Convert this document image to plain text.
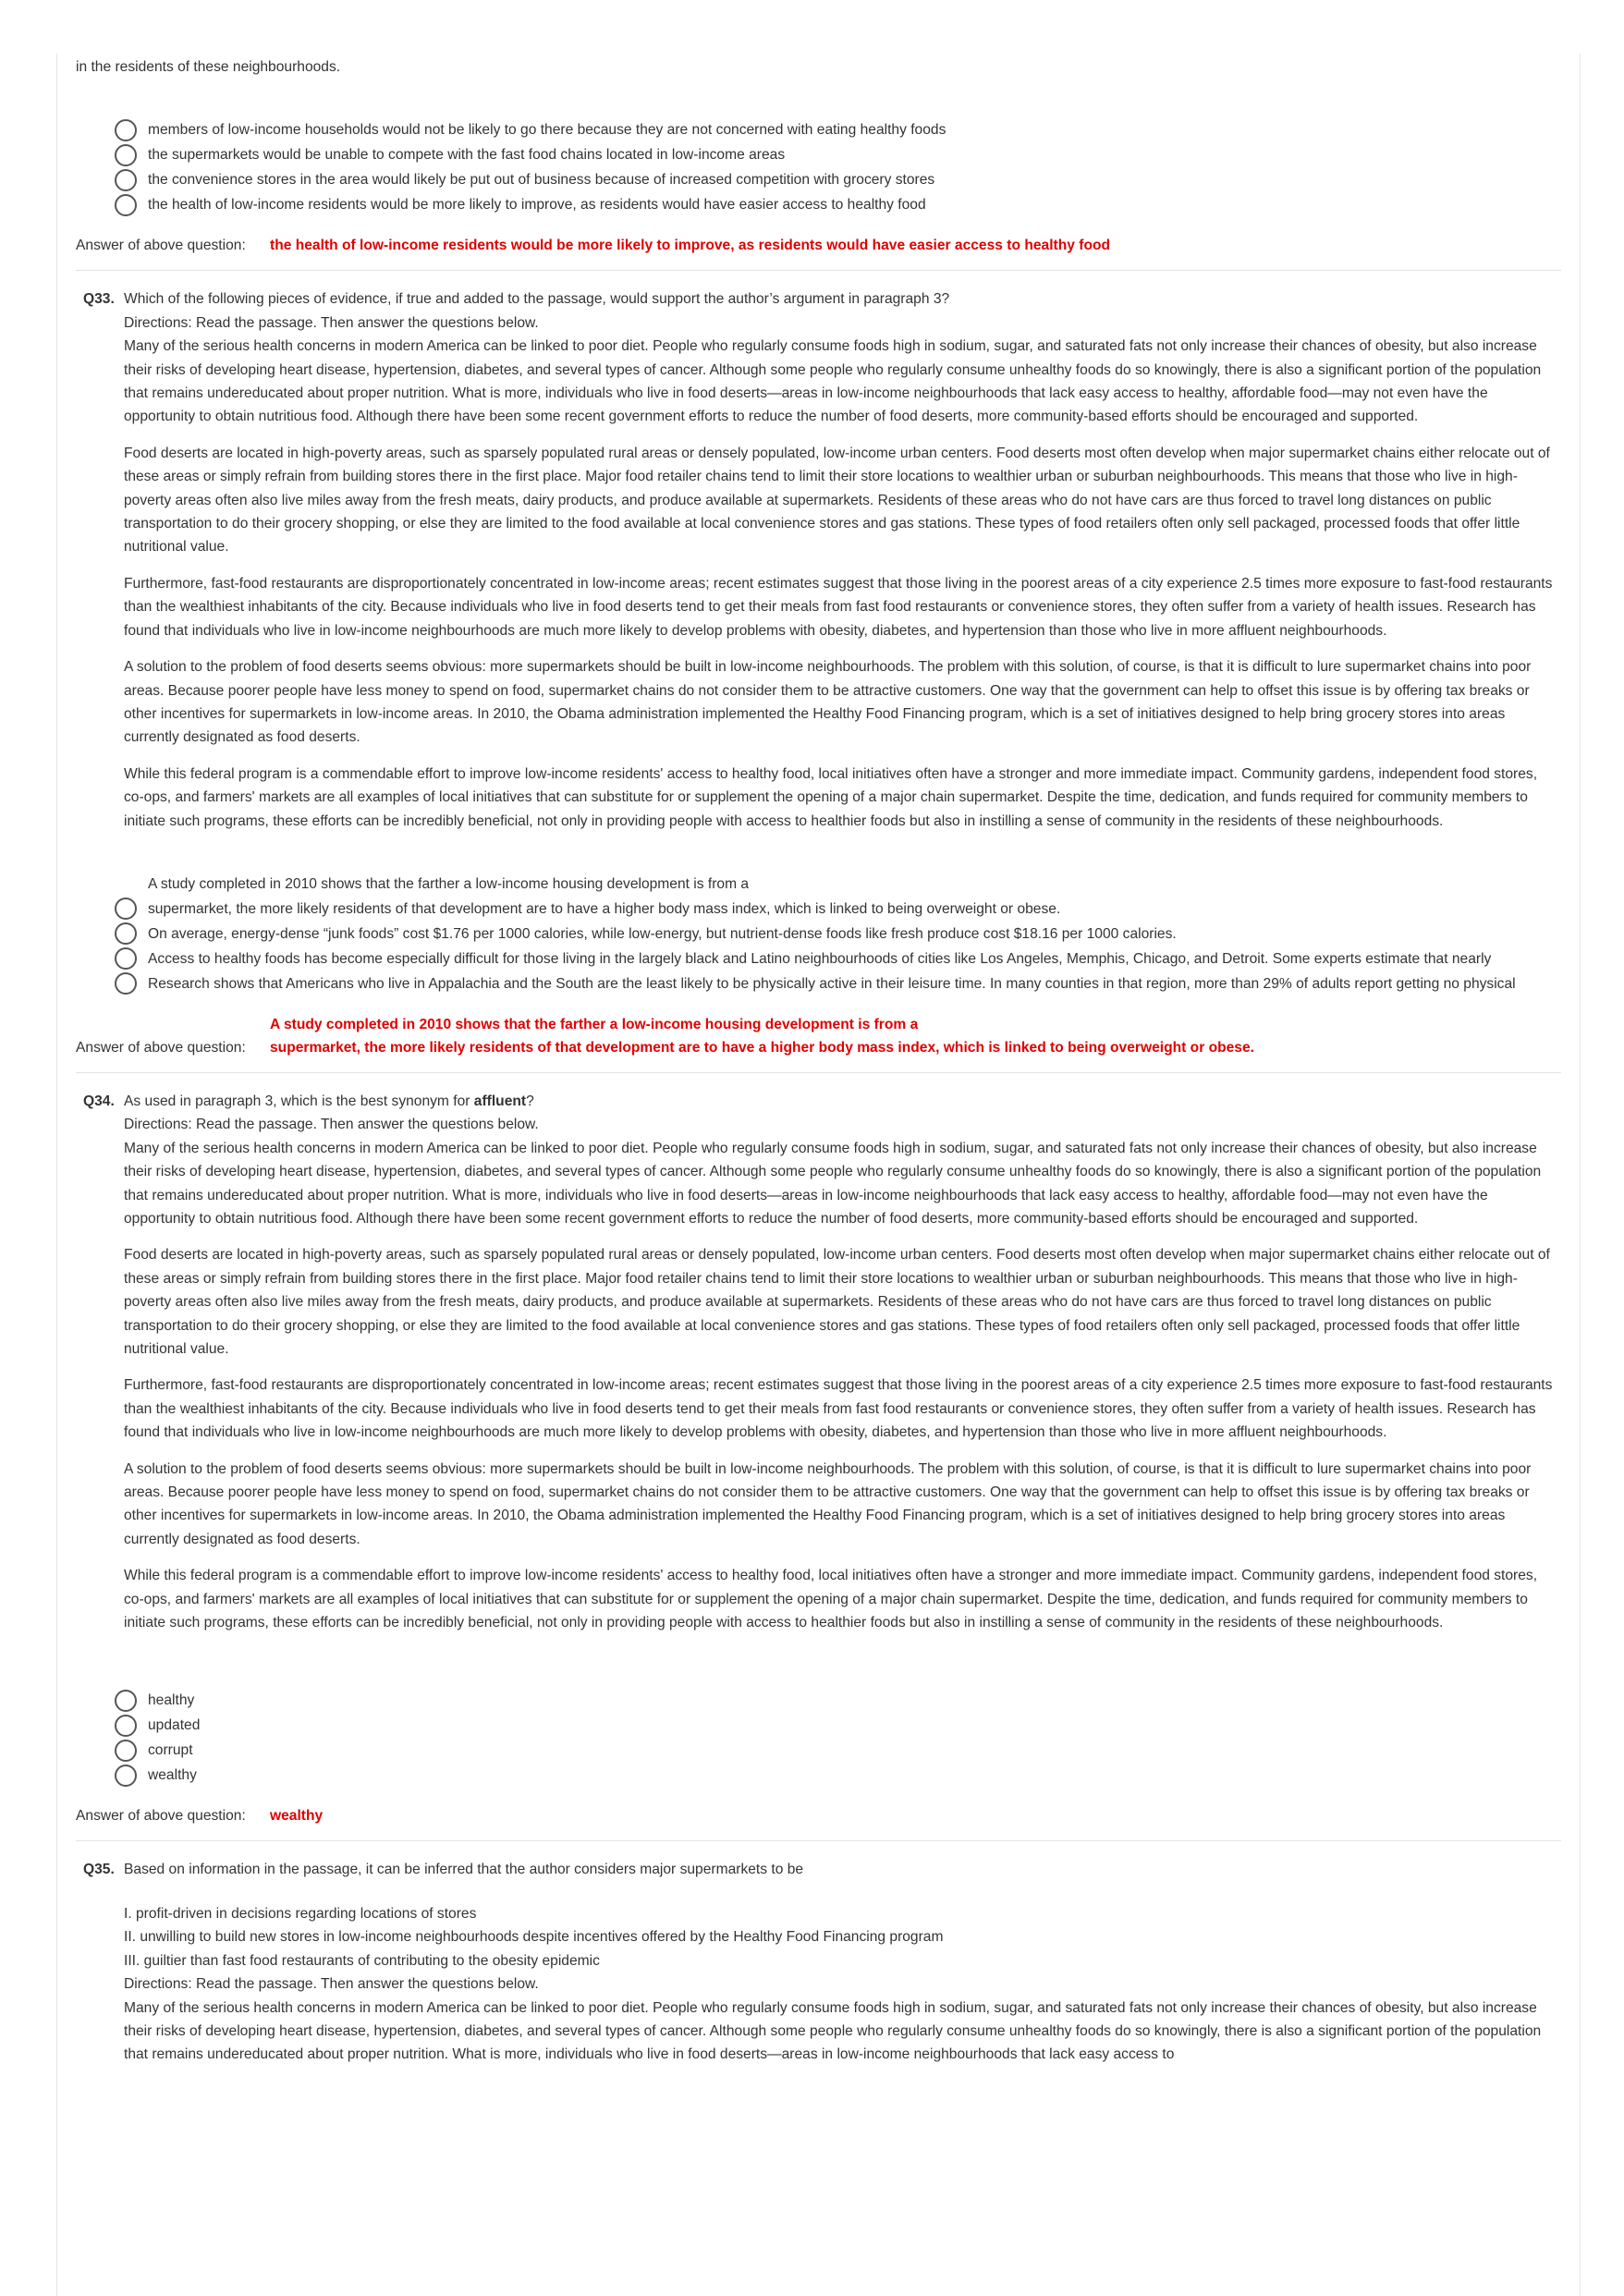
in the residents of these neighbourhoods.
members of low-income households would not be likely to go there because they are not concerned with eating healthy foods
the supermarkets would be unable to compete with the fast food chains located in low-income areas
the convenience stores in the area would likely be put out of business because of increased competition with grocery stores
the health of low-income residents would be more likely to improve, as residents would have easier access to healthy food
Answer of above question:	the health of low-income residents would be more likely to improve, as residents would have easier access to healthy food
Q33. Which of the following pieces of evidence, if true and added to the passage, would support the author’s argument in paragraph 3?
Directions: Read the passage. Then answer the questions below.

Many of the serious health concerns in modern America can be linked to poor diet. People who regularly consume foods high in sodium, sugar, and saturated fats not only increase their chances of obesity, but also increase their risks of developing heart disease, hypertension, diabetes, and several types of cancer. Although some people who regularly consume unhealthy foods do so knowingly, there is also a significant portion of the population that remains undereducated about proper nutrition. What is more, individuals who live in food deserts—areas in low-income neighbourhoods that lack easy access to healthy, affordable food—may not even have the opportunity to obtain nutritious food. Although there have been some recent government efforts to reduce the number of food deserts, more community-based efforts should be encouraged and supported.

Food deserts are located in high-poverty areas, such as sparsely populated rural areas or densely populated, low-income urban centers. Food deserts most often develop when major supermarket chains either relocate out of these areas or simply refrain from building stores there in the first place. Major food retailer chains tend to limit their store locations to wealthier urban or suburban neighbourhoods. This means that those who live in high-poverty areas often also live miles away from the fresh meats, dairy products, and produce available at supermarkets. Residents of these areas who do not have cars are thus forced to travel long distances on public transportation to do their grocery shopping, or else they are limited to the food available at local convenience stores and gas stations. These types of food retailers often only sell packaged, processed foods that offer little nutritional value.

Furthermore, fast-food restaurants are disproportionately concentrated in low-income areas; recent estimates suggest that those living in the poorest areas of a city experience 2.5 times more exposure to fast-food restaurants than the wealthiest inhabitants of the city. Because individuals who live in food deserts tend to get their meals from fast food restaurants or convenience stores, they often suffer from a variety of health issues. Research has found that individuals who live in low-income neighbourhoods are much more likely to develop problems with obesity, diabetes, and hypertension than those who live in more affluent neighbourhoods.

A solution to the problem of food deserts seems obvious: more supermarkets should be built in low-income neighbourhoods. The problem with this solution, of course, is that it is difficult to lure supermarket chains into poor areas. Because poorer people have less money to spend on food, supermarket chains do not consider them to be attractive customers. One way that the government can help to offset this issue is by offering tax breaks or other incentives for supermarkets in low-income areas. In 2010, the Obama administration implemented the Healthy Food Financing program, which is a set of initiatives designed to help bring grocery stores into areas currently designated as food deserts.

While this federal program is a commendable effort to improve low-income residents' access to healthy food, local initiatives often have a stronger and more immediate impact. Community gardens, independent food stores, co-ops, and farmers' markets are all examples of local initiatives that can substitute for or supplement the opening of a major chain supermarket. Despite the time, dedication, and funds required for community members to initiate such programs, these efforts can be incredibly beneficial, not only in providing people with access to healthier foods but also in instilling a sense of community in the residents of these neighbourhoods.

A study completed in 2010 shows that the farther a low-income housing development is from a
supermarket, the more likely residents of that development are to have a higher body mass index, which is linked to being overweight or obese.
On average, energy-dense “junk foods” cost $1.76 per 1000 calories, while low-energy, but nutrient-dense foods like fresh produce cost $18.16 per 1000 calories.
Access to healthy foods has become especially difficult for those living in the largely black and Latino neighbourhoods of cities like Los Angeles, Memphis, Chicago, and Detroit. Some experts estimate that nearly
Research shows that Americans who live in Appalachia and the South are the least likely to be physically active in their leisure time. In many counties in that region, more than 29% of adults report getting no physical
Answer of above question:
A study completed in 2010 shows that the farther a low-income housing development is from a
supermarket, the more likely residents of that development are to have a higher body mass index, which is linked to being overweight or obese.
Q34. As used in paragraph 3, which is the best synonym for affluent?
Directions: Read the passage. Then answer the questions below.

Many of the serious health concerns in modern America can be linked to poor diet. People who regularly consume foods high in sodium, sugar, and saturated fats not only increase their chances of obesity, but also increase their risks of developing heart disease, hypertension, diabetes, and several types of cancer. Although some people who regularly consume unhealthy foods do so knowingly, there is also a significant portion of the population that remains undereducated about proper nutrition. What is more, individuals who live in food deserts—areas in low-income neighbourhoods that lack easy access to healthy, affordable food—may not even have the opportunity to obtain nutritious food. Although there have been some recent government efforts to reduce the number of food deserts, more community-based efforts should be encouraged and supported.

Food deserts are located in high-poverty areas, such as sparsely populated rural areas or densely populated, low-income urban centers. Food deserts most often develop when major supermarket chains either relocate out of these areas or simply refrain from building stores there in the first place. Major food retailer chains tend to limit their store locations to wealthier urban or suburban neighbourhoods. This means that those who live in high-poverty areas often also live miles away from the fresh meats, dairy products, and produce available at supermarkets. Residents of these areas who do not have cars are thus forced to travel long distances on public transportation to do their grocery shopping, or else they are limited to the food available at local convenience stores and gas stations. These types of food retailers often only sell packaged, processed foods that offer little nutritional value.

Furthermore, fast-food restaurants are disproportionately concentrated in low-income areas; recent estimates suggest that those living in the poorest areas of a city experience 2.5 times more exposure to fast-food restaurants than the wealthiest inhabitants of the city. Because individuals who live in food deserts tend to get their meals from fast food restaurants or convenience stores, they often suffer from a variety of health issues. Research has found that individuals who live in low-income neighbourhoods are much more likely to develop problems with obesity, diabetes, and hypertension than those who live in more affluent neighbourhoods.

A solution to the problem of food deserts seems obvious: more supermarkets should be built in low-income neighbourhoods. The problem with this solution, of course, is that it is difficult to lure supermarket chains into poor areas. Because poorer people have less money to spend on food, supermarket chains do not consider them to be attractive customers. One way that the government can help to offset this issue is by offering tax breaks or other incentives for supermarkets in low-income areas. In 2010, the Obama administration implemented the Healthy Food Financing program, which is a set of initiatives designed to help bring grocery stores into areas currently designated as food deserts.

While this federal program is a commendable effort to improve low-income residents' access to healthy food, local initiatives often have a stronger and more immediate impact. Community gardens, independent food stores, co-ops, and farmers' markets are all examples of local initiatives that can substitute for or supplement the opening of a major chain supermarket. Despite the time, dedication, and funds required for community members to initiate such programs, these efforts can be incredibly beneficial, not only in providing people with access to healthier foods but also in instilling a sense of community in the residents of these neighbourhoods.

healthy
updated
corrupt
wealthy
Answer of above question:	wealthy
Q35. Based on information in the passage, it can be inferred that the author considers major supermarkets to be
I. profit-driven in decisions regarding locations of stores
II. unwilling to build new stores in low-income neighbourhoods despite incentives offered by the Healthy Food Financing program
III. guiltier than fast food restaurants of contributing to the obesity epidemic
Directions: Read the passage. Then answer the questions below.

Many of the serious health concerns in modern America can be linked to poor diet. People who regularly consume foods high in sodium, sugar, and saturated fats not only increase their chances of obesity, but also increase their risks of developing heart disease, hypertension, diabetes, and several types of cancer. Although some people who regularly consume unhealthy foods do so knowingly, there is also a significant portion of the population that remains undereducated about proper nutrition. What is more, individuals who live in food deserts—areas in low-income neighbourhoods that lack easy access to
